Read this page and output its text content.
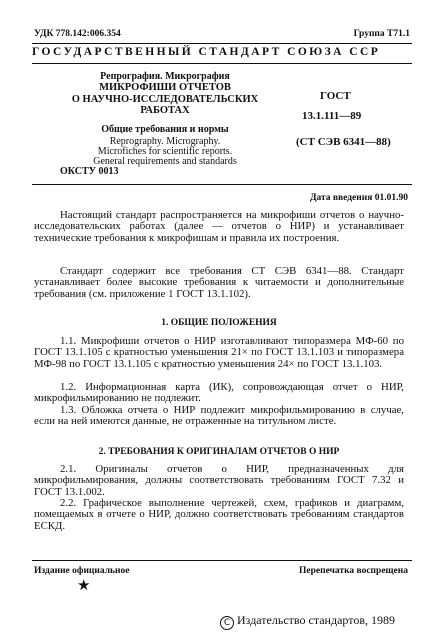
УДК 778.142:006.354	Группа Т71.1
ГОСУДАРСТВЕННЫЙ СТАНДАРТ СОЮЗА ССР
Репрография. Микрография
МИКРОФИШИ ОТЧЕТОВ
О НАУЧНО-ИССЛЕДОВАТЕЛЬСКИХ
РАБОТАХ
Общие требования и нормы
Reprography. Micrography.
Microfiches for scientific reports.
General requirements and standards
ОКСТУ 0013
ГОСТ
13.1.111—89
(СТ СЭВ 6341—88)
Дата введения 01.01.90

Настоящий стандарт распространяется на микрофиши отчетов о научно-исследовательских работах (далее — отчетов о НИР) и устанавливает технические требования к микрофишам и правила их построения.

Стандарт содержит все требования СТ СЭВ 6341—88. Стандарт устанавливает более высокие требования к читаемости и дополнительные требования (см. приложение 1 ГОСТ 13.1.102).

1. ОБЩИЕ ПОЛОЖЕНИЯ

1.1. Микрофиши отчетов о НИР изготавливают типоразмера МФ-60 по ГОСТ 13.1.105 с кратностью уменьшения 21× по ГОСТ 13.1.103 и типоразмера МФ-98 по ГОСТ 13.1.105 с кратностью уменьшения 24× по ГОСТ 13.1.103.

1.2. Информационная карта (ИК), сопровождающая отчет о НИР, микрофильмированию не подлежит.

1.3. Обложка отчета о НИР подлежит микрофильмированию в случае, если на ней имеются данные, не отраженные на титульном листе.

2. ТРЕБОВАНИЯ К ОРИГИНАЛАМ ОТЧЕТОВ О НИР

2.1. Оригиналы отчетов о НИР, предназначенных для микрофильмирования, должны соответствовать требованиям ГОСТ 7.32 и ГОСТ 13.1.002.

2.2. Графическое выполнение чертежей, схем, графиков и диаграмм, помещаемых в отчете о НИР, должно соответствовать требованиям стандартов ЕСКД.

Издание официальное	Перепечатка воспрещена
★
C Издательство стандартов, 1989
